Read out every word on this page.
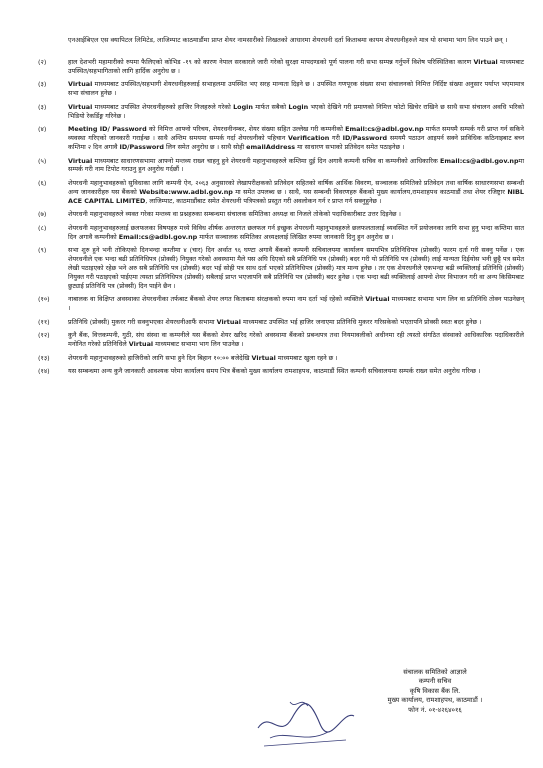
एनआईबिएल एस क्यापिटल लिमिटेड, लाजिम्पाट काठमाडौंमा प्राप्त शेयर नामसारीको लिखतको आधारमा शेयरधनी दर्ता किताबमा कायम शेयरधनीहरुले मात्र यो सभामा भाग लिन पाउने छन् ।
(२)	हाल देशभरी महामारीको रुपमा फैलिएको कोभिड -१९ को कारण नेपाल सरकारले जारी गरेको सुरक्षा मापदण्डको पूर्ण पालना गरी सभा सम्पन्न गर्नुपर्ने विशेष परिस्थितिका कारण Virtual माध्यमबाट उपस्थित/सहभागिताको लागि हार्दिक अनुरोध छ ।
(३)	Virtual माध्यमबाट उपस्थित/सहभागी शेयरधनीहरुलाई सभाहलमा उपस्थित भए सरह मान्यता दिइने छ । उपस्थित गणपूरक संख्या सभा संचालनको निमित्त निर्दिष्ट संख्या अनुसार पर्याप्त भएमामात्र सभा संचालन हुनेछ ।
(३)	Virtual माध्यमबाट उपस्थित शेयरधनीहरुको हाजिर निजहरुले गरेको Login मार्फत सबैको Login भएको देखिने गरी प्रमाणको निमित्त फोटो खिचेर राखिने छ साथै सभा संचालन अवधि भरिको भिडियो रेकर्डिङ्ग गरिनेछ ।
(४)	Meeting ID/ Password को निमित्त आफ्नो परिचय, शेयरधनीनम्बर, शेयर संख्या सहित उल्लेख गरी कम्पनीको Email:cs@adbl.gov.np मार्फत समयमै सम्पर्क गरी प्राप्त गर्न सकिने व्यवस्था गरिएको जानकारी गराईन्छ । साथै अन्तिम समयमा सम्पर्क गर्दा शेयरधनीको पहिचान Verification गरी ID/Password समयमै पठाउन आइपर्न सक्ने प्राविधिक कठिनाइबाट बच्न कम्तिमा २ दिन अगावै ID/Password लिन समेत अनुरोध छ । साथै सोही emailAddress मा साधारण सभाको प्रतिवेदन समेत पठाइनेछ ।
(५)	Virtual माध्यमबाट साधारणसभामा आफ्नो मन्तव्य राख्न चाहनु हुने शेयरधनी महानुभावहरुले कम्तिमा दुई दिन अगावै कम्पनी सचिव वा कम्पनीको आधिकारिक Email:cs@adbl.gov.npमा सम्पर्क गरी नाम टिपोट गराउनु हुन अनुरोध गर्दछौं ।
(६)	शेयरधनी महानुभावहरुको सुविधाका लागि कम्पनी ऐन, २०६३ अनुसारको लेखापरीक्षकको प्रतिवेदन सहितको वार्षिक आर्थिक विवरण, सञ्चालक समितिको प्रतिवेदन तथा वार्षिक साधारणसभा सम्बन्धी अन्य जानकारीहरु यस बैंकको Website:www.adbl.gov.np मा समेत उपलब्ध छ । साथै, यस सम्बन्धी विवरणहरु बैंकको मुख्य कार्यालय,रामशाहपथ काठमाडौं तथा शेयर रजिष्ट्रार NIBL ACE CAPITAL LIMITED, लाजिम्पाट, काठमाडौंबाट समेत शेयरधनी पत्रिपत्रको प्रस्तुत गरी अवलोकन गर्न र प्राप्त गर्न सक्नुहुनेछ ।
(७)	शेयरधनी महानुभावहरुले व्यक्त गरेका मन्तव्य वा प्रश्नहरुका सम्बन्धमा संचालक समितिका अध्यक्ष वा निजले तोकेको पदाधिकारीबाट उत्तर दिइनेछ ।
(८)	शेयरधनी महानुभावहरुलाई छलफलका विषयहरु मध्ये विविध शीर्षक अन्तरगत छलफल गर्न इच्छुक शेयरधनी महानुभावहरुले छलफलतालाई व्यवस्थित गर्ने प्रयोजनका लागि सभा हुनु भन्दा कम्तिमा सात दिन अगावै कम्पनीको Email:cs@adbl.gov.np मार्फत सञ्चालक समितिका अध्यक्षलाई लिखित रुपमा जानकारी दिनु हुन अनुरोध छ ।
(९)	सभा शुरु हुने भनी तोकिएको दिनभन्दा कम्तीमा ४ (चार) दिन अर्थात ९६ घण्टा अगावै बैंकको कम्पनी सचिवालयमा कार्यालय समयभित्र प्रतिनिधिपत्र (प्रोक्सी) फारम दर्ता गरी सक्नु पर्नेछ । एक शेयरधनीले एक भन्दा बढी प्रतिनिधिपत्र (प्रोक्सी) नियुक्त गरेको अवस्थामा मैले यस अघि दिएको सबै प्रतिनिधि पत्र (प्रोक्सी) बदर गरी यो प्रतिनिधि पत्र (प्रोक्सी) लाई मान्यता दिईयोस भनी छुट्टै पत्र समेत लेखी पठाइएको रहेछ भने अरु सबै प्रतिनिधि पत्र (प्रोक्सी) बदर भई सोही पत्र साथ दर्ता भएको प्रतिनिधिपत्र (प्रोक्सी) मात्र मान्य हुनेछ । तर एक शेयरधनीले एकभन्दा बढी व्यक्तिलाई प्रतिनिधि (प्रोक्सी) नियुक्त गरी पठाइएको पाईएमा त्यस्ता प्रतिनिधिपत्र (प्रोक्सी) सबैलाई प्राप्त भएजापनि सबै प्रतिनिधि पत्र (प्रोक्सी) बदर हुनेछ । एक भन्दा बढी व्यक्तिलाई आफ्नो शेयर विभाजन गरी वा अन्य किसिमबाट छुट्याई प्रतिनिधि पत्र (प्रोक्सी) दिन पाईने छैन ।
(१०)	नाबालक वा विक्षिप्त अवस्थाका शेयरधनीका तर्फबाट बैंकको शेयर लगत किताबमा संरक्षकको रुपमा नाम दर्ता भई रहेको व्यक्तिले Virtual माध्यमबाट सभामा भाग लिन वा प्रतिनिधि तोक्न पाउनेछन् ।
(११)	प्रतिनिधि (प्रोक्सी) मुकरर गरी सक्नुभएका शेयरधनीआफैं सभामा Virtual माध्यमबाट उपस्थित भई हाजिर जनाएमा प्रतिनिधि मुकरर गरिसकेको भएतापनि प्रोक्सी स्वतः बदर हुनेछ ।
(१२)	कुनै बैंक, वित्तकम्पनी, गुठी, संघ संस्था वा कम्पनीले यस बैंकको शेयर खरिद गरेको अवस्थामा बैंकको प्रबन्धपत्र तथा नियमावलीको अधीनमा रही त्यस्तो संगठित संस्थाको आधिकारिक पदाधिकारीले मनोनित गरेको प्रतिनिधिले Virtual माध्यमबाट सभामा भाग लिन पाउनेछ ।
(१३)	शेयरधनी महानुभावहरुको हाजिरीको लागि सभा हुने दिन बिहान १०:०० बजेदेखि Virtual माध्यमबाट खुला रहने छ ।
(१४)	यस सम्बन्धमा अन्य कुनै जानकारी आवश्यक परेमा कार्यालय समय भित्र बैंकको मुख्य कार्यालय रामशाहपथ, काठमाडौं स्थित कम्पनी सचिवालयमा सम्पर्क राख्न समेत अनुरोध गरिन्छ ।
संचालक समितिको आज्ञाले
कम्पनी सचिव
कृषि विकास बैंक लि.
मुख्य कार्यालय, रामशाहपथ, काठमाडौं ।
फोन नं. ०१-४२६४०१६
